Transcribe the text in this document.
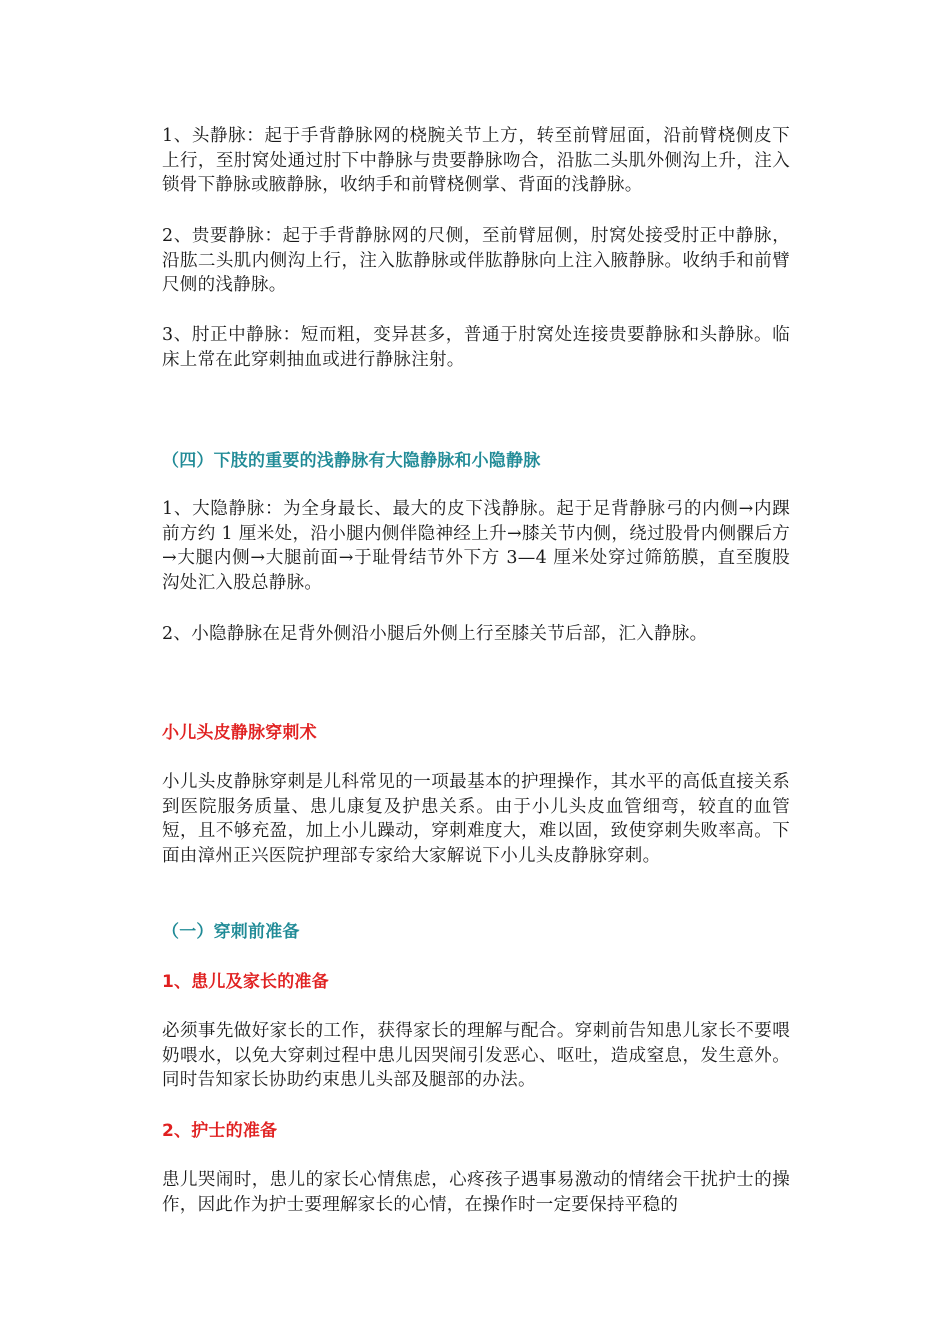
1、头静脉：起于手背静脉网的桡腕关节上方，转至前臂屈面，沿前臂桡侧皮下上行，至肘窝处通过肘下中静脉与贵要静脉吻合，沿肱二头肌外侧沟上升，注入锁骨下静脉或腋静脉，收纳手和前臂桡侧掌、背面的浅静脉。

2、贵要静脉：起于手背静脉网的尺侧，至前臂屈侧，肘窝处接受肘正中静脉，沿肱二头肌内侧沟上行，注入肱静脉或伴肱静脉向上注入腋静脉。收纳手和前臂尺侧的浅静脉。

3、肘正中静脉：短而粗，变异甚多，普通于肘窝处连接贵要静脉和头静脉。临床上常在此穿刺抽血或进行静脉注射。

（四）下肢的重要的浅静脉有大隐静脉和小隐静脉

1、大隐静脉：为全身最长、最大的皮下浅静脉。起于足背静脉弓的内侧→内踝前方约 1 厘米处，沿小腿内侧伴隐神经上升→膝关节内侧，绕过股骨内侧髁后方→大腿内侧→大腿前面→于耻骨结节外下方 3—4 厘米处穿过筛筋膜，直至腹股沟处汇入股总静脉。

2、小隐静脉在足背外侧沿小腿后外侧上行至膝关节后部，汇入静脉。

小儿头皮静脉穿刺术

小儿头皮静脉穿刺是儿科常见的一项最基本的护理操作，其水平的高低直接关系到医院服务质量、患儿康复及护患关系。由于小儿头皮血管细弯，较直的血管短，且不够充盈，加上小儿躁动，穿刺难度大，难以固，致使穿刺失败率高。下面由漳州正兴医院护理部专家给大家解说下小儿头皮静脉穿刺。

（一）穿刺前准备
1、患儿及家长的准备

必须事先做好家长的工作，获得家长的理解与配合。穿刺前告知患儿家长不要喂奶喂水，以免大穿刺过程中患儿因哭闹引发恶心、呕吐，造成窒息，发生意外。同时告知家长协助约束患儿头部及腿部的办法。

2、护士的准备

患儿哭闹时，患儿的家长心情焦虑，心疼孩子遇事易激动的情绪会干扰护士的操作，因此作为护士要理解家长的心情，在操作时一定要保持平稳的
